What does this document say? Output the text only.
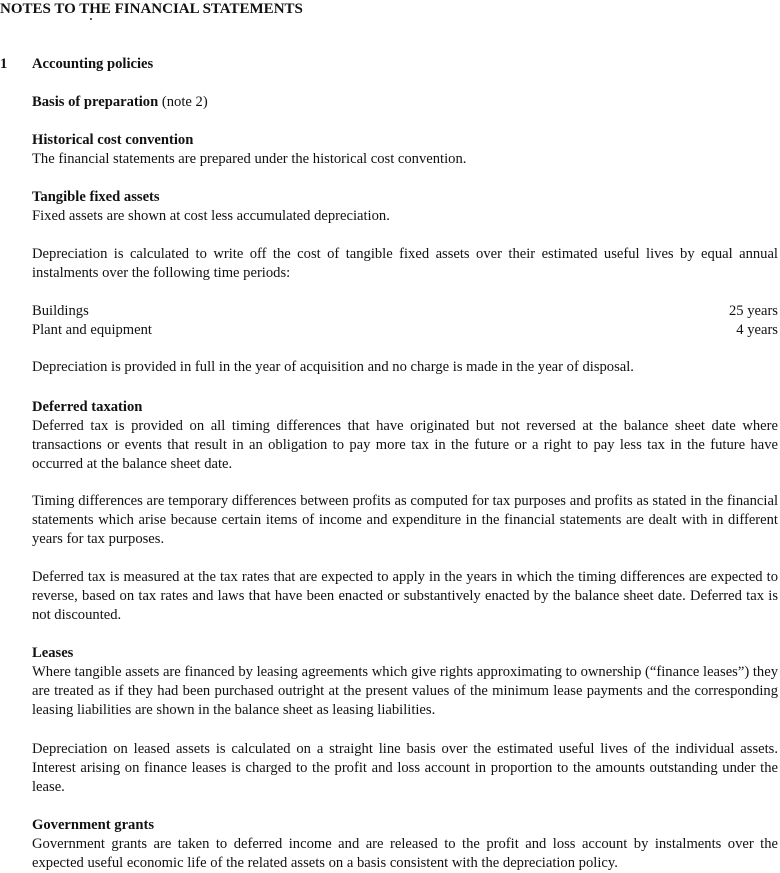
NOTES TO THE FINANCIAL STATEMENTS
1 Accounting policies
Basis of preparation (note 2)
Historical cost convention
The financial statements are prepared under the historical cost convention.
Tangible fixed assets
Fixed assets are shown at cost less accumulated depreciation.
Depreciation is calculated to write off the cost of tangible fixed assets over their estimated useful lives by equal annual instalments over the following time periods:
Buildings	25 years
Plant and equipment	4 years
Depreciation is provided in full in the year of acquisition and no charge is made in the year of disposal.
Deferred taxation
Deferred tax is provided on all timing differences that have originated but not reversed at the balance sheet date where transactions or events that result in an obligation to pay more tax in the future or a right to pay less tax in the future have occurred at the balance sheet date.
Timing differences are temporary differences between profits as computed for tax purposes and profits as stated in the financial statements which arise because certain items of income and expenditure in the financial statements are dealt with in different years for tax purposes.
Deferred tax is measured at the tax rates that are expected to apply in the years in which the timing differences are expected to reverse, based on tax rates and laws that have been enacted or substantively enacted by the balance sheet date. Deferred tax is not discounted.
Leases
Where tangible assets are financed by leasing agreements which give rights approximating to ownership (“finance leases”) they are treated as if they had been purchased outright at the present values of the minimum lease payments and the corresponding leasing liabilities are shown in the balance sheet as leasing liabilities.
Depreciation on leased assets is calculated on a straight line basis over the estimated useful lives of the individual assets. Interest arising on finance leases is charged to the profit and loss account in proportion to the amounts outstanding under the lease.
Government grants
Government grants are taken to deferred income and are released to the profit and loss account by instalments over the expected useful economic life of the related assets on a basis consistent with the depreciation policy.
